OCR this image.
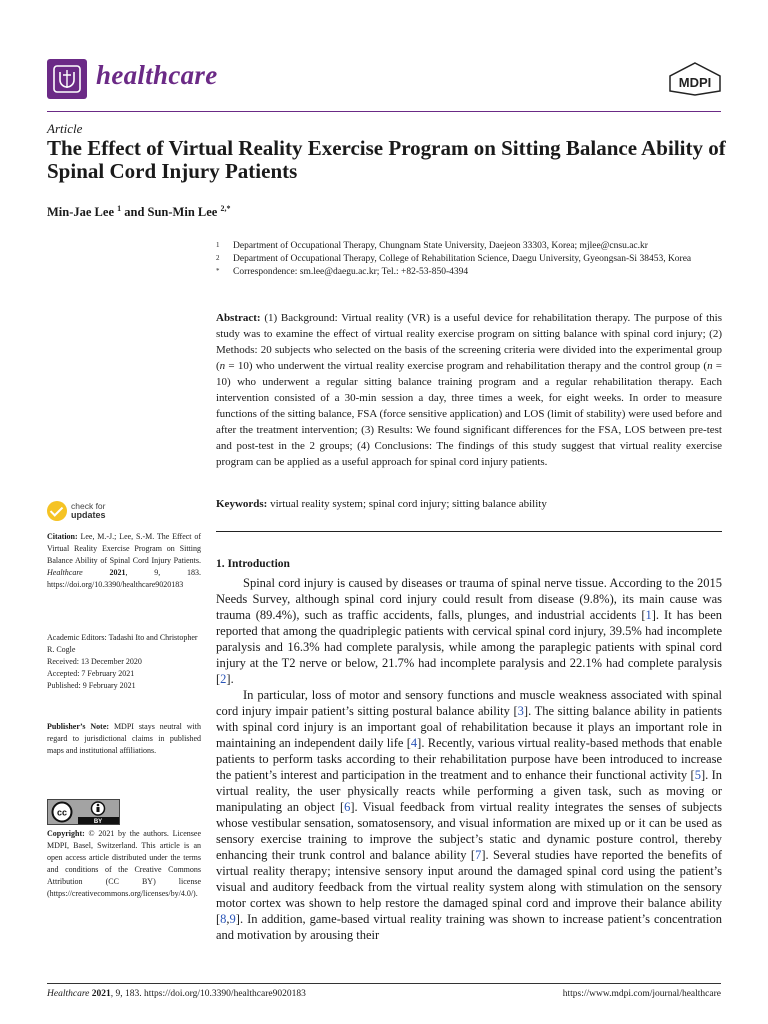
healthcare	MDPI
Article
The Effect of Virtual Reality Exercise Program on Sitting Balance Ability of Spinal Cord Injury Patients
Min-Jae Lee $^1$ and Sun-Min Lee $^{2,*}$
1	Department of Occupational Therapy, Chungnam State University, Daejeon 33303, Korea; mjlee@cnsu.ac.kr
2	Department of Occupational Therapy, College of Rehabilitation Science, Daegu University, Gyeongsan-Si 38453, Korea
*	Correspondence: sm.lee@daegu.ac.kr; Tel.: +82-53-850-4394
Abstract: (1) Background: Virtual reality (VR) is a useful device for rehabilitation therapy. The purpose of this study was to examine the effect of virtual reality exercise program on sitting balance with spinal cord injury; (2) Methods: 20 subjects who selected on the basis of the screening criteria were divided into the experimental group (n = 10) who underwent the virtual reality exercise program and rehabilitation therapy and the control group (n = 10) who underwent a regular sitting balance training program and a regular rehabilitation therapy. Each intervention consisted of a 30-min session a day, three times a week, for eight weeks. In order to measure functions of the sitting balance, FSA (force sensitive application) and LOS (limit of stability) were used before and after the treatment intervention; (3) Results: We found significant differences for the FSA, LOS between pre-test and post-test in the 2 groups; (4) Conclusions: The findings of this study suggest that virtual reality exercise program can be applied as a useful approach for spinal cord injury patients.
Keywords: virtual reality system; spinal cord injury; sitting balance ability
check for
updates
Citation: Lee, M.-J.; Lee, S.-M. The Effect of Virtual Reality Exercise Program on Sitting Balance Ability of Spinal Cord Injury Patients. Healthcare 2021, 9, 183. https://doi.org/10.3390/healthcare9020183
Academic Editors: Tadashi Ito and Christopher R. Cogle
Received: 13 December 2020
Accepted: 7 February 2021
Published: 9 February 2021
Publisher’s Note: MDPI stays neutral with regard to jurisdictional claims in published maps and institutional affiliations.
cc
BY
Copyright: © 2021 by the authors. Licensee MDPI, Basel, Switzerland. This article is an open access article distributed under the terms and conditions of the Creative Commons Attribution (CC BY) license (https://creativecommons.org/licenses/by/4.0/).
1. Introduction

Spinal cord injury is caused by diseases or trauma of spinal nerve tissue. According to the 2015 Needs Survey, although spinal cord injury could result from disease (9.8%), its main cause was trauma (89.4%), such as traffic accidents, falls, plunges, and industrial accidents [1]. It has been reported that among the quadriplegic patients with cervical spinal cord injury, 39.5% had incomplete paralysis and 16.3% had complete paralysis, while among the paraplegic patients with spinal cord injury at the T2 nerve or below, 21.7% had incomplete paralysis and 22.1% had complete paralysis [2].

In particular, loss of motor and sensory functions and muscle weakness associated with spinal cord injury impair patient’s sitting postural balance ability [3]. The sitting balance ability in patients with spinal cord injury is an important goal of rehabilitation because it plays an important role in maintaining an independent daily life [4]. Recently, various virtual reality-based methods that enable patients to perform tasks according to their rehabilitation purpose have been introduced to increase the patient’s interest and participation in the treatment and to enhance their functional activity [5]. In virtual reality, the user physically reacts while performing a given task, such as moving or manipulating an object [6]. Visual feedback from virtual reality integrates the senses of subjects whose vestibular sensation, somatosensory, and visual information are mixed up or it can be used as sensory exercise training to improve the subject’s static and dynamic posture control, thereby enhancing their trunk control and balance ability [7]. Several studies have reported the benefits of virtual reality therapy; intensive sensory input around the damaged spinal cord using the patient’s visual and auditory feedback from the virtual reality system along with stimulation on the sensory motor cortex was shown to help restore the damaged spinal cord and improve their balance ability [8,9]. In addition, game-based virtual reality training was shown to increase patient’s concentration and motivation by arousing their

Healthcare 2021, 9, 183. https://doi.org/10.3390/healthcare9020183	https://www.mdpi.com/journal/healthcare
